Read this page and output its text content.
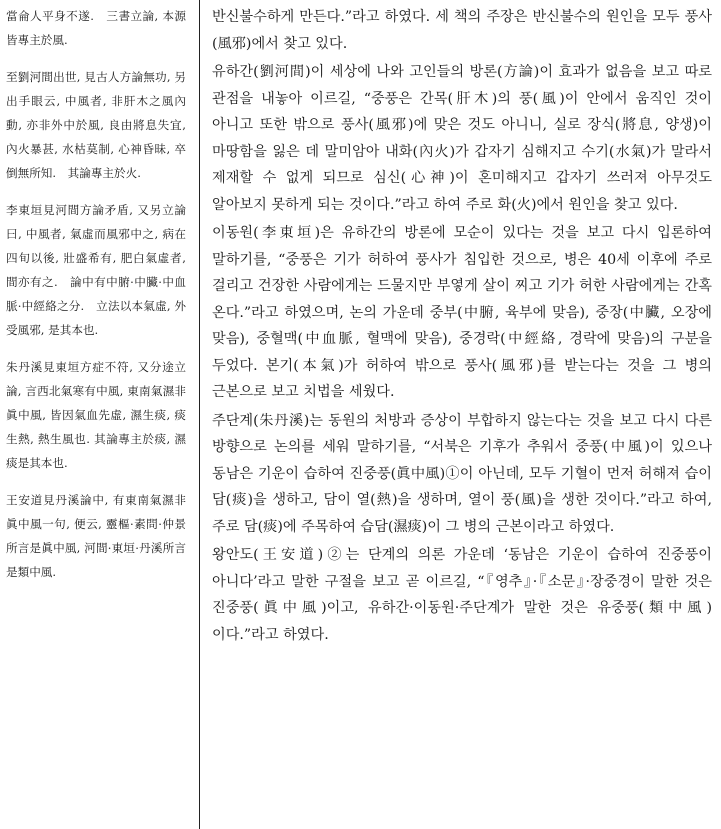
當侖人平身不遂.　三書立論, 本源皆專主於風.

至劉河間出世, 見古人方論無功, 另出手眼云, 中風者, 非肝木之風內動, 亦非外中於風, 良由將息失宜, 內火暴甚, 水枯莫制, 心神昏昧, 卒倒無所知.　其論專主於火.

李東垣見河間方論矛盾, 又另立論曰, 中風者, 氣虛而風邪中之, 病在四旬以後, 壯盛希有, 肥白氣虛者, 間亦有之.　論中有中腑·中臟·中血脈·中經絡之分.　立法以本氣虛, 外受風邪, 是其本也.

朱丹溪見東垣方症不符, 又分途立論, 言西北氣寒有中風, 東南氣濕非眞中風, 皆因氣血先虛, 濕生痰, 痰生熱, 熱生風也. 其論專主於痰, 濕痰是其本也.

王安道見丹溪論中, 有東南氣濕非眞中風一句, 便云, 靈樞·素問·仲景所言是眞中風, 河間·東垣·丹溪所言是類中風.

반신불수하게 만든다.”라고 하였다. 세 책의 주장은 반신불수의 원인을 모두 풍사(風邪)에서 찾고 있다.

유하간(劉河間)이 세상에 나와 고인들의 방론(方論)이 효과가 없음을 보고 따로 관점을 내놓아 이르길, “중풍은 간목(肝木)의 풍(風)이 안에서 움직인 것이 아니고 또한 밖으로 풍사(風邪)에 맞은 것도 아니니, 실로 장식(將息, 양생)이 마땅함을 잃은 데 말미암아 내화(內火)가 갑자기 심해지고 수기(水氣)가 말라서 제재할 수 없게 되므로 심신(心神)이 혼미해지고 갑자기 쓰러져 아무것도 알아보지 못하게 되는 것이다.”라고 하여 주로 화(火)에서 원인을 찾고 있다.

이동원(李東垣)은 유하간의 방론에 모순이 있다는 것을 보고 다시 입론하여 말하기를, “중풍은 기가 허하여 풍사가 침입한 것으로, 병은 40세 이후에 주로 걸리고 건장한 사람에게는 드물지만 부옇게 살이 찌고 기가 허한 사람에게는 간혹 온다.”라고 하였으며, 논의 가운데 중부(中腑, 육부에 맞음), 중장(中臟, 오장에 맞음), 중혈맥(中血脈, 혈맥에 맞음), 중경락(中經絡, 경락에 맞음)의 구분을 두었다. 본기(本氣)가 허하여 밖으로 풍사(風邪)를 받는다는 것을 그 병의 근본으로 보고 치법을 세웠다.

주단계(朱丹溪)는 동원의 처방과 증상이 부합하지 않는다는 것을 보고 다시 다른 방향으로 논의를 세워 말하기를, “서북은 기후가 추워서 중풍(中風)이 있으나 동남은 기운이 습하여 진중풍(眞中風)①이 아닌데, 모두 기혈이 먼저 허해져 습이 담(痰)을 생하고, 담이 열(熱)을 생하며, 열이 풍(風)을 생한 것이다.”라고 하여, 주로 담(痰)에 주목하여 습담(濕痰)이 그 병의 근본이라고 하였다.

왕안도(王安道)②는 단계의 의론 가운데 ‘동남은 기운이 습하여 진중풍이 아니다’라고 말한 구절을 보고 곧 이르길, “『영추』·『소문』·장중경이 말한 것은 진중풍(眞中風)이고, 유하간·이동원·주단계가 말한 것은 유중풍(類中風)이다.”라고 하였다.
